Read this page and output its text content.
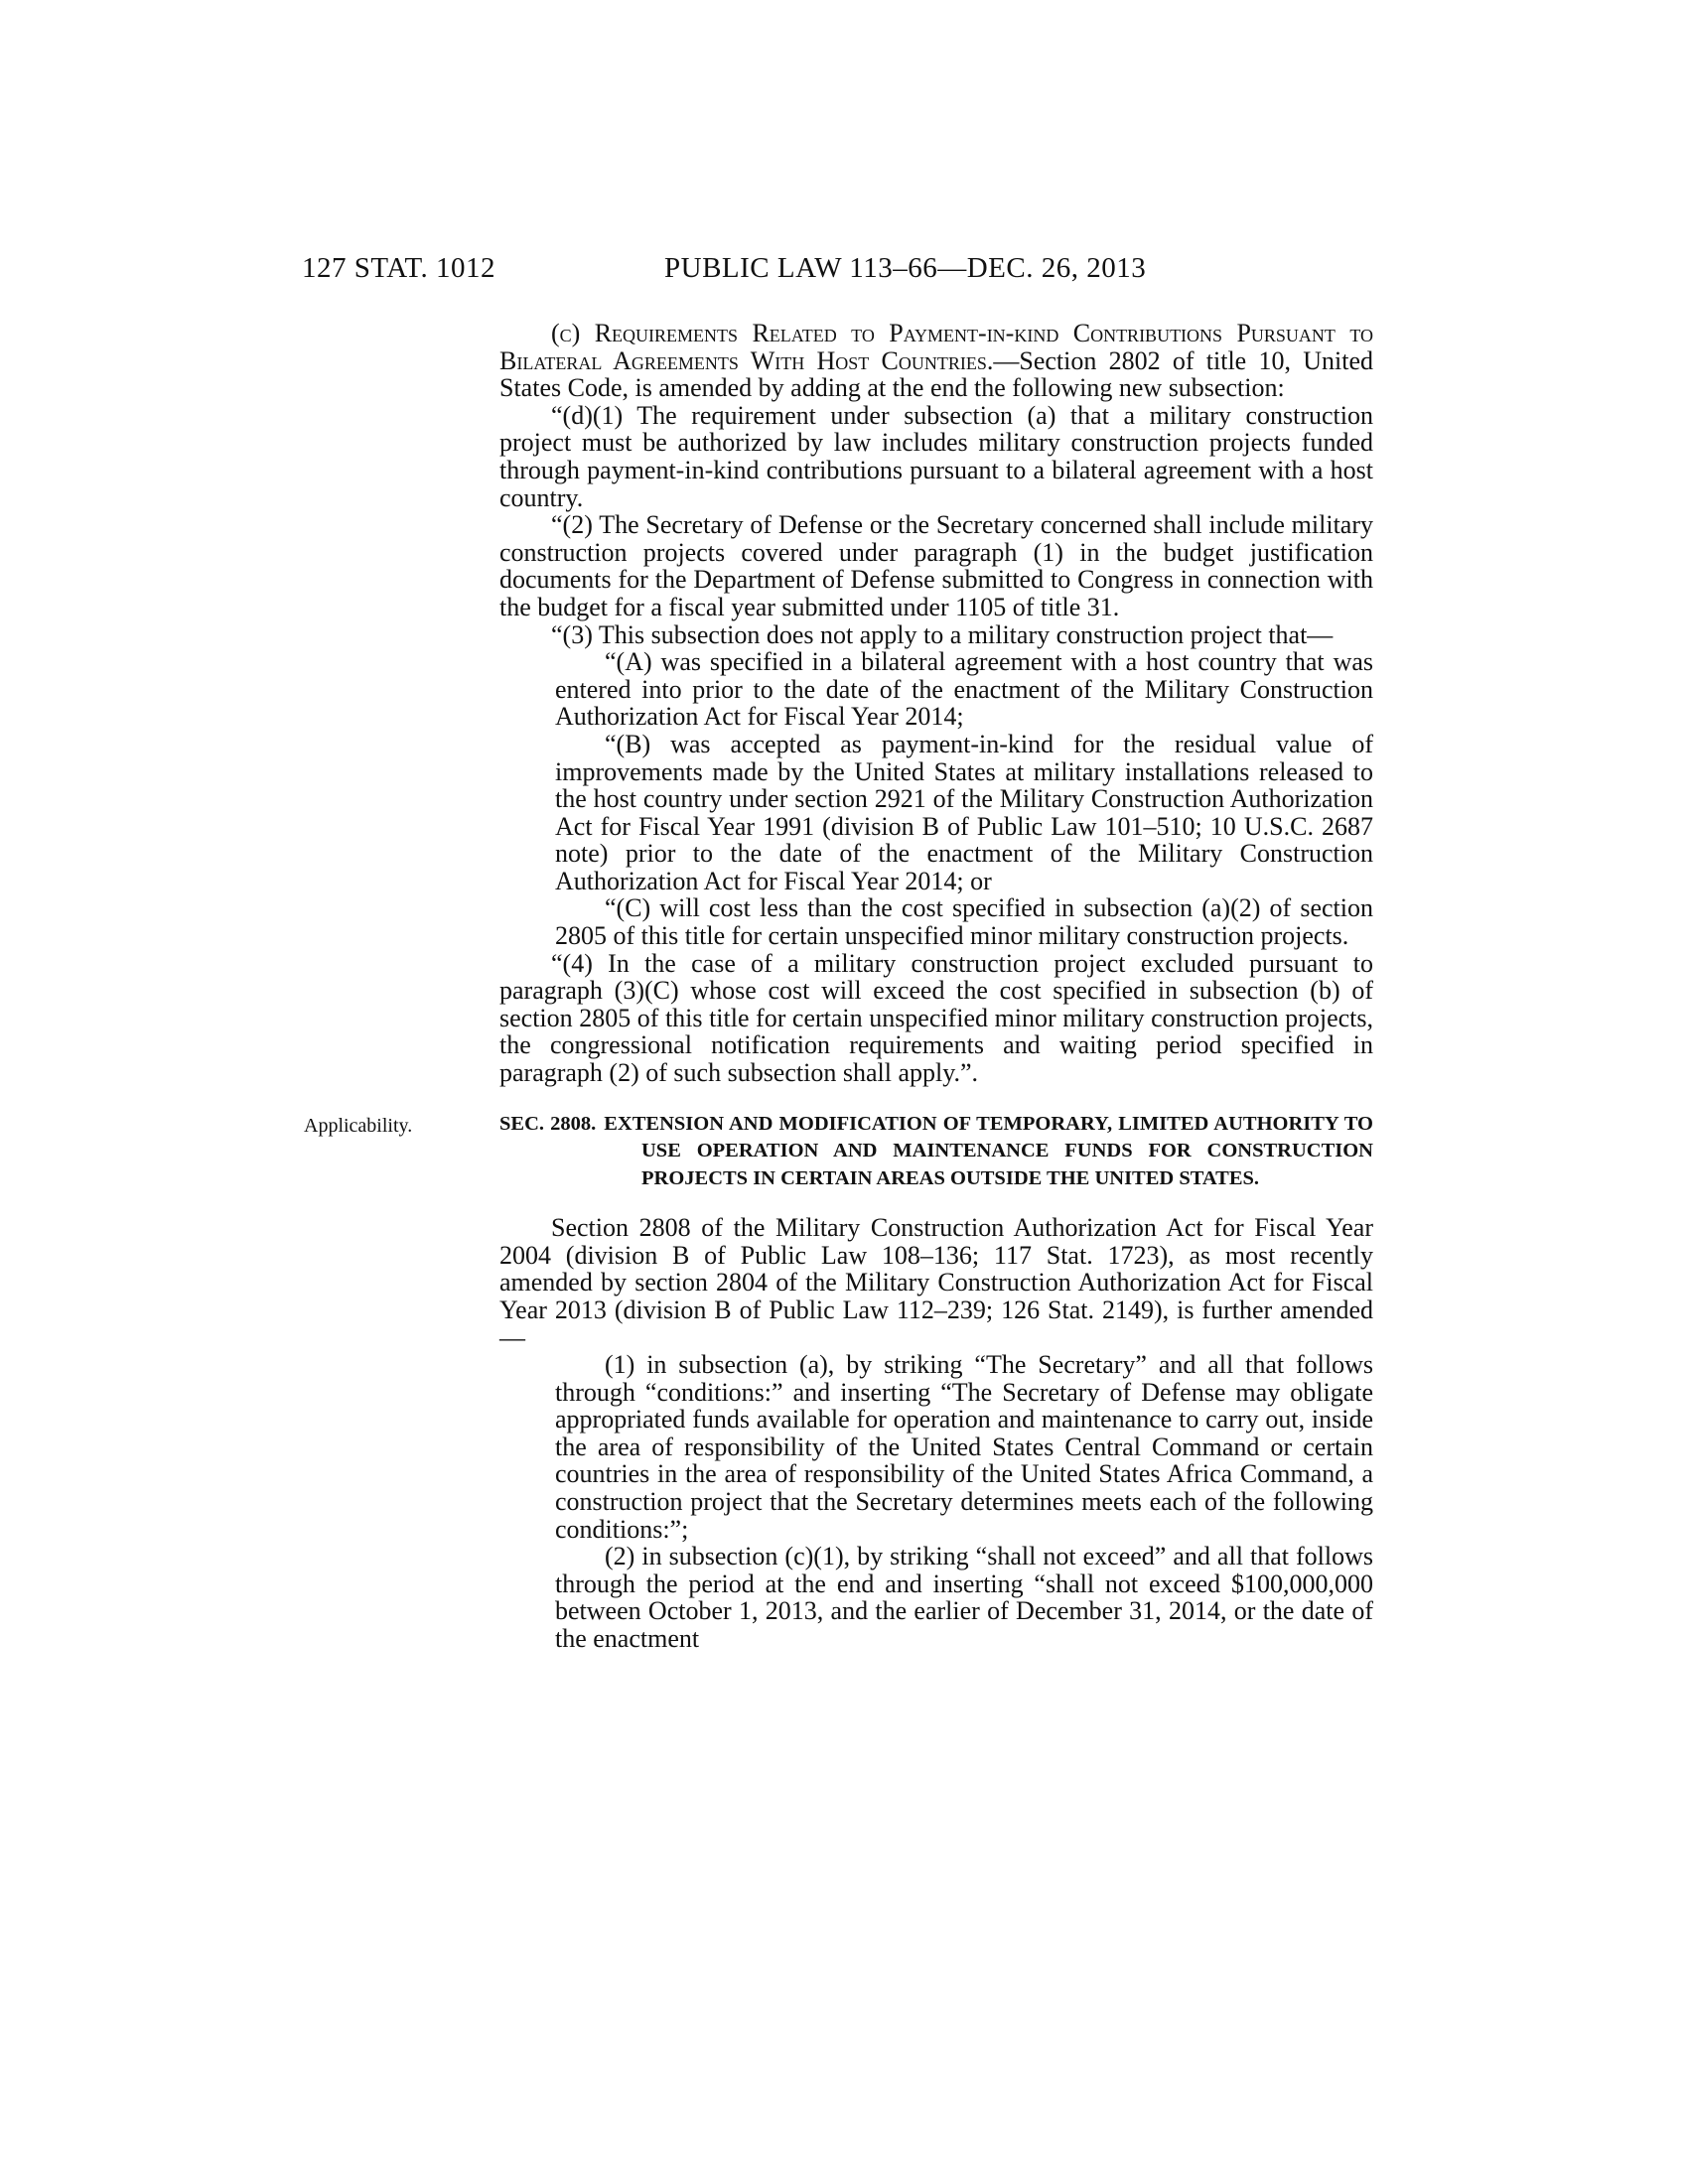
127 STAT. 1012	PUBLIC LAW 113–66—DEC. 26, 2013
Applicability.

(c) Requirements Related to Payment-in-kind Contributions Pursuant to Bilateral Agreements With Host Countries.—Section 2802 of title 10, United States Code, is amended by adding at the end the following new subsection:

“(d)(1) The requirement under subsection (a) that a military construction project must be authorized by law includes military construction projects funded through payment-in-kind contributions pursuant to a bilateral agreement with a host country.

“(2) The Secretary of Defense or the Secretary concerned shall include military construction projects covered under paragraph (1) in the budget justification documents for the Department of Defense submitted to Congress in connection with the budget for a fiscal year submitted under 1105 of title 31.

“(3) This subsection does not apply to a military construction project that—

“(A) was specified in a bilateral agreement with a host country that was entered into prior to the date of the enactment of the Military Construction Authorization Act for Fiscal Year 2014;

“(B) was accepted as payment-in-kind for the residual value of improvements made by the United States at military installations released to the host country under section 2921 of the Military Construction Authorization Act for Fiscal Year 1991 (division B of Public Law 101–510; 10 U.S.C. 2687 note) prior to the date of the enactment of the Military Construction Authorization Act for Fiscal Year 2014; or

“(C) will cost less than the cost specified in subsection (a)(2) of section 2805 of this title for certain unspecified minor military construction projects.

“(4) In the case of a military construction project excluded pursuant to paragraph (3)(C) whose cost will exceed the cost specified in subsection (b) of section 2805 of this title for certain unspecified minor military construction projects, the congressional notification requirements and waiting period specified in paragraph (2) of such subsection shall apply.”.

SEC. 2808. EXTENSION AND MODIFICATION OF TEMPORARY, LIMITED AUTHORITY TO USE OPERATION AND MAINTENANCE FUNDS FOR CONSTRUCTION PROJECTS IN CERTAIN AREAS OUTSIDE THE UNITED STATES.

Section 2808 of the Military Construction Authorization Act for Fiscal Year 2004 (division B of Public Law 108–136; 117 Stat. 1723), as most recently amended by section 2804 of the Military Construction Authorization Act for Fiscal Year 2013 (division B of Public Law 112–239; 126 Stat. 2149), is further amended—

(1) in subsection (a), by striking “The Secretary” and all that follows through “conditions:” and inserting “The Secretary of Defense may obligate appropriated funds available for operation and maintenance to carry out, inside the area of responsibility of the United States Central Command or certain countries in the area of responsibility of the United States Africa Command, a construction project that the Secretary determines meets each of the following conditions:”;

(2) in subsection (c)(1), by striking “shall not exceed” and all that follows through the period at the end and inserting “shall not exceed $100,000,000 between October 1, 2013, and the earlier of December 31, 2014, or the date of the enactment
